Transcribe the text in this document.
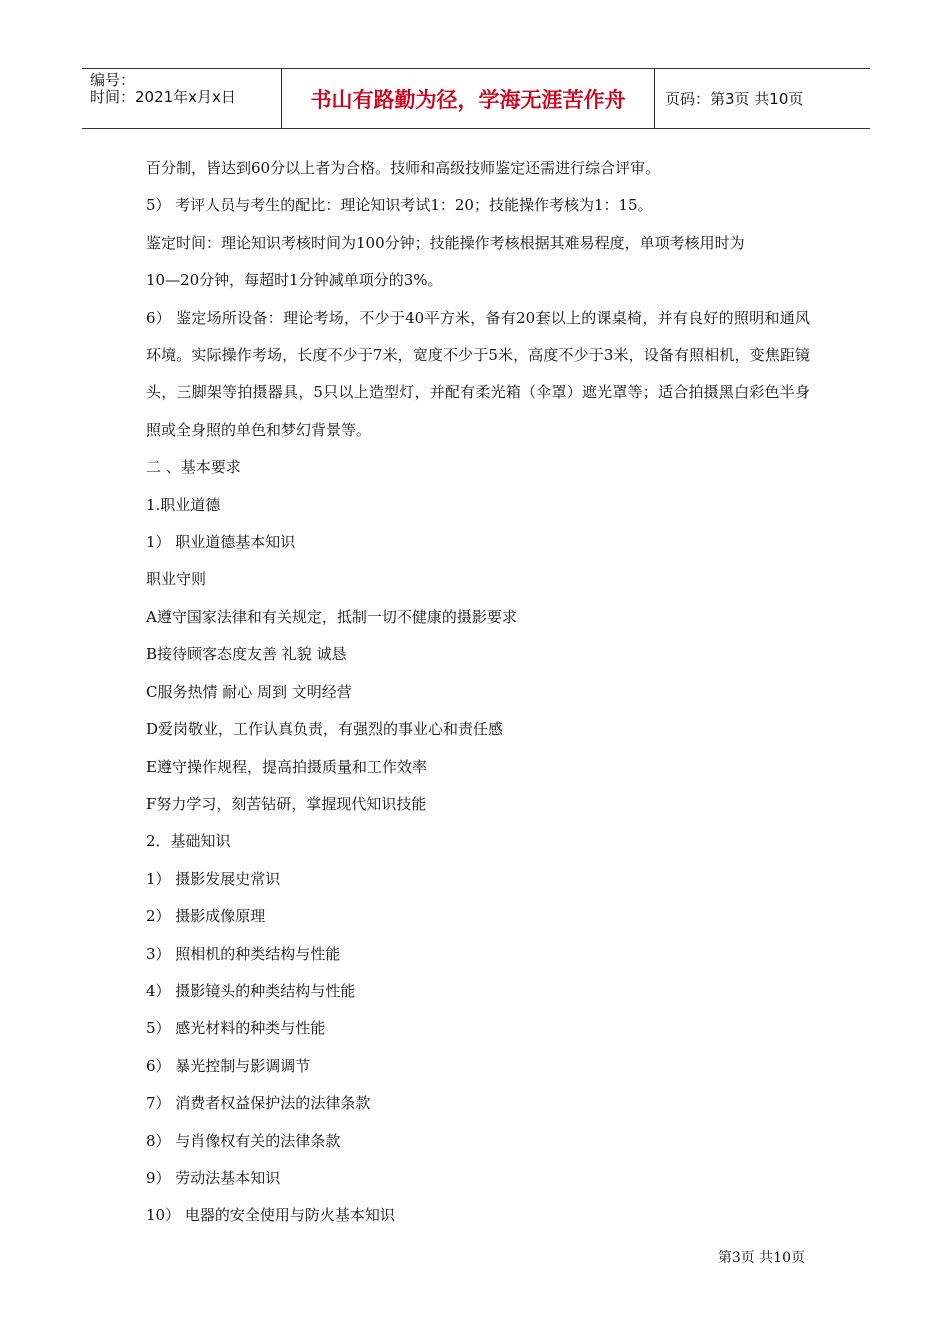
编号：
时间：2021年x月x日	书山有路勤为径，学海无涯苦作舟	页码：第3页 共10页

百分制，皆达到60分以上者为合格。技师和高级技师鉴定还需进行综合评审。

5） 考评人员与考生的配比：理论知识考试1：20；技能操作考核为1：15。

鉴定时间：理论知识考核时间为100分钟；技能操作考核根据其难易程度，单项考核用时为

10—20分钟，每超时1分钟减单项分的3%。

6） 鉴定场所设备：理论考场，不少于40平方米，备有20套以上的课桌椅，并有良好的照明和通风环境。实际操作考场，长度不少于7米，宽度不少于5米，高度不少于3米，设备有照相机，变焦距镜头，三脚架等拍摄器具，5只以上造型灯，并配有柔光箱（伞罩）遮光罩等；适合拍摄黑白彩色半身照或全身照的单色和梦幻背景等。

二 、基本要求

1.职业道德

1） 职业道德基本知识

职业守则

A遵守国家法律和有关规定，抵制一切不健康的摄影要求

B接待顾客态度友善 礼貌 诚恳

C服务热情 耐心 周到 文明经营

D爱岗敬业，工作认真负责，有强烈的事业心和责任感

E遵守操作规程，提高拍摄质量和工作效率

F努力学习，刻苦钻研，掌握现代知识技能

2．基础知识

1） 摄影发展史常识

2） 摄影成像原理

3） 照相机的种类结构与性能

4） 摄影镜头的种类结构与性能

5） 感光材料的种类与性能

6） 暴光控制与影调调节

7） 消费者权益保护法的法律条款

8） 与肖像权有关的法律条款

9） 劳动法基本知识

10） 电器的安全使用与防火基本知识

第3页 共10页
